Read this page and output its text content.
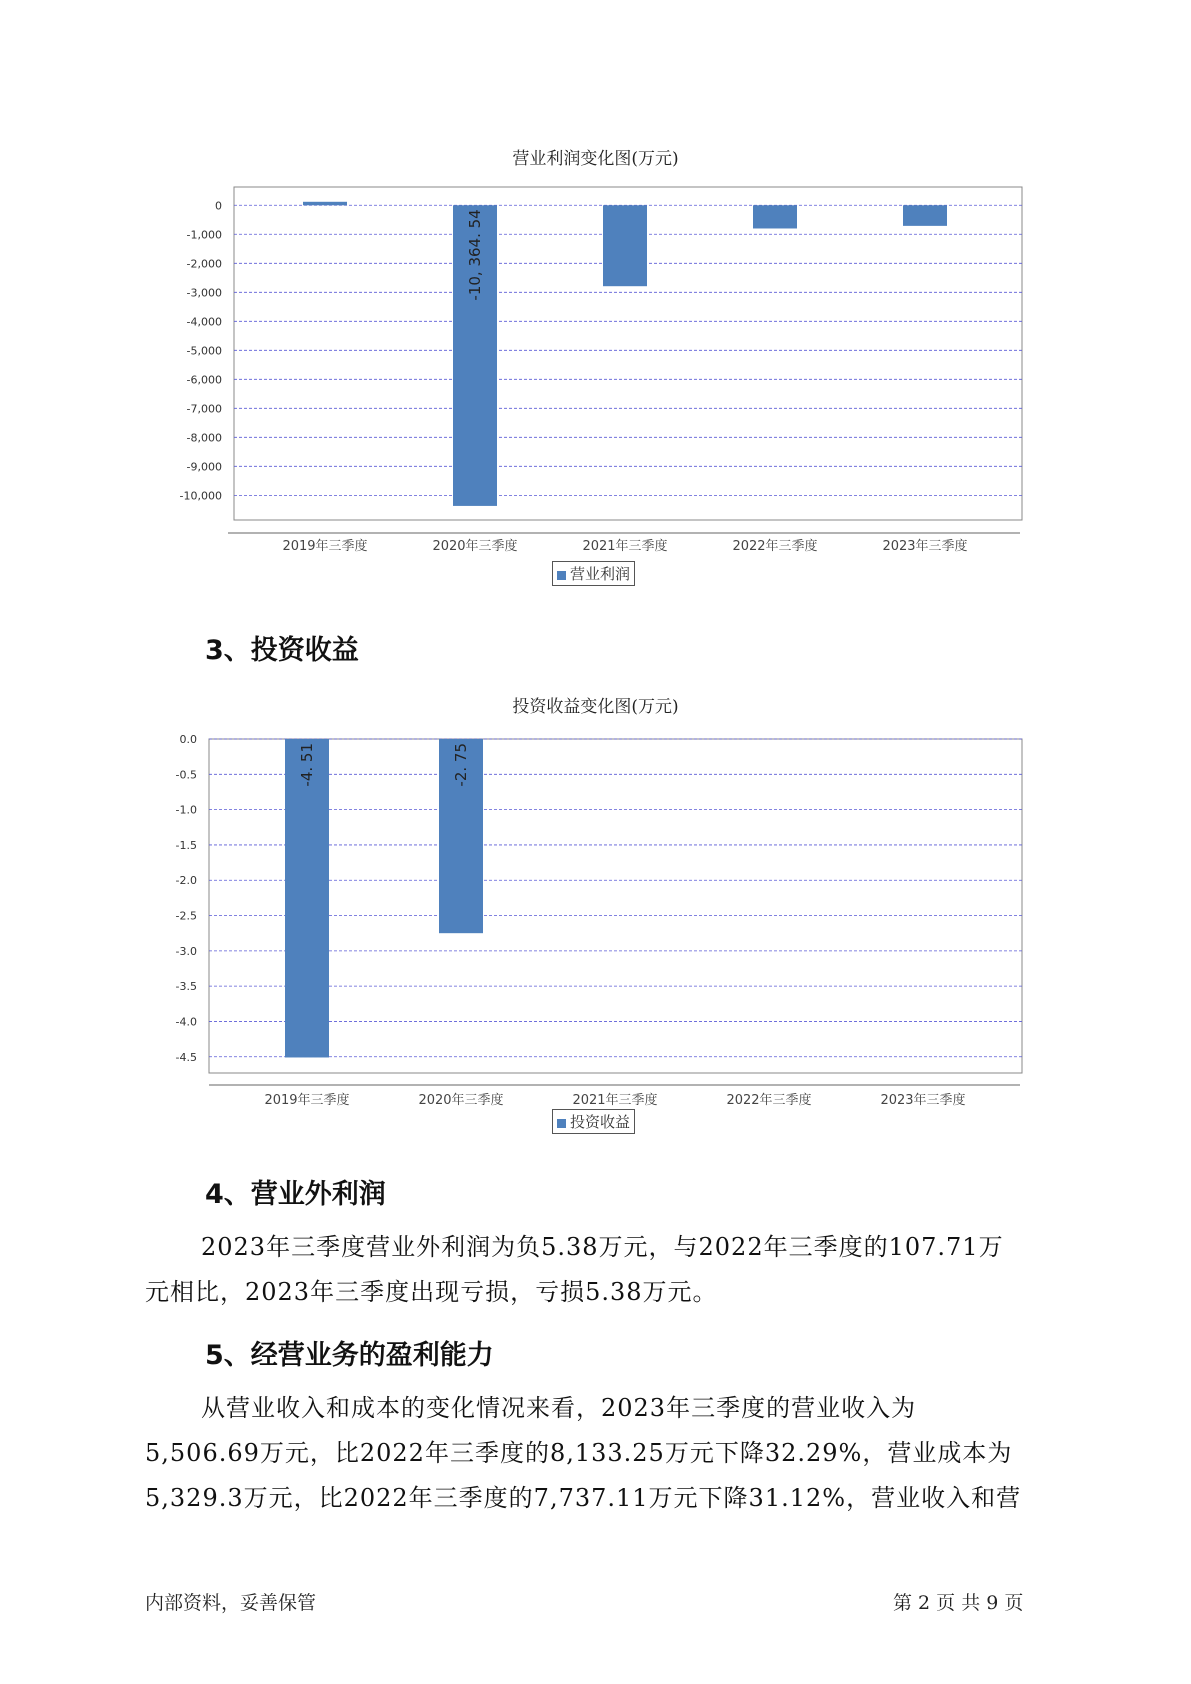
营业利润变化图(万元)
0
-1,000
-2,000
-3,000
-4,000
-5,000
-6,000
-7,000
-8,000
-9,000
-10,000
2019年三季度
-10, 364. 54
2020年三季度	2021年三季度	2022年三季度	2023年三季度
营业利润
3、投资收益
投资收益变化图(万元)
0.0
-0.5
-1.0
-1.5
-2.0
-2.5
-3.0
-3.5
-4.0
-4.5
-4. 51
2019年三季度
-2. 75
2020年三季度	2021年三季度	2022年三季度	2023年三季度
投资收益
4、营业外利润

2023年三季度营业外利润为负5.38万元，与2022年三季度的107.71万
元相比，2023年三季度出现亏损，亏损5.38万元。

5、经营业务的盈利能力

从营业收入和成本的变化情况来看，2023年三季度的营业收入为
5,506.69万元，比2022年三季度的8,133.25万元下降32.29%，营业成本为
5,329.3万元，比2022年三季度的7,737.11万元下降31.12%，营业收入和营

内部资料，妥善保管	第 2 页 共 9 页
